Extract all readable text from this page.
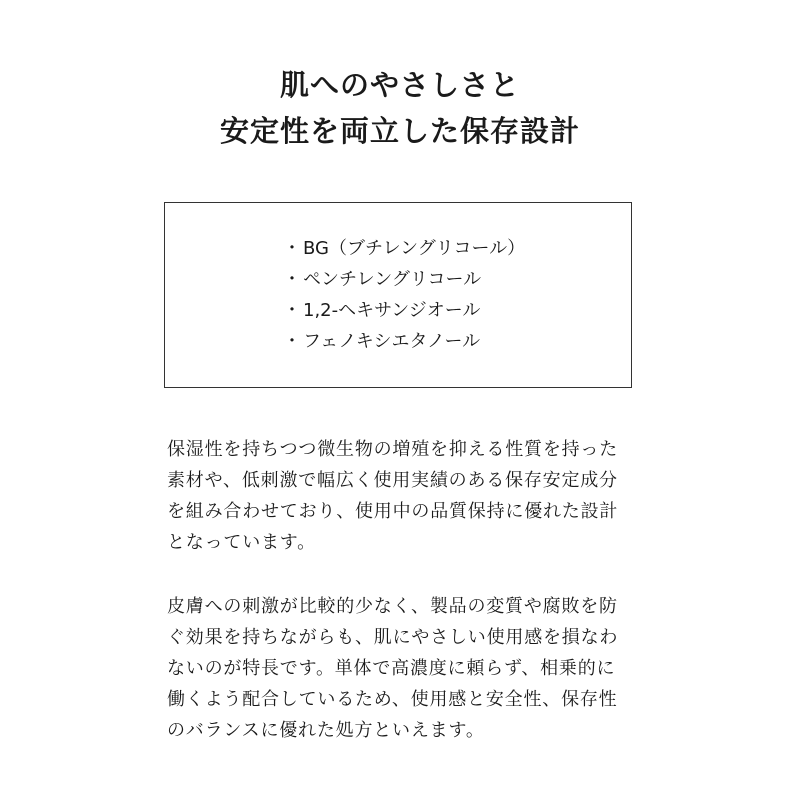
肌へのやさしさと
安定性を両立した保存設計
・ BG（ブチレングリコール）
・ ペンチレングリコール
・ 1,2-ヘキサンジオール
・ フェノキシエタノール
保湿性を持ちつつ微生物の増殖を抑える性質を持った
素材や、低刺激で幅広く使用実績のある保存安定成分
を組み合わせており、使用中の品質保持に優れた設計
となっています。
皮膚への刺激が比較的少なく、製品の変質や腐敗を防
ぐ効果を持ちながらも、肌にやさしい使用感を損なわ
ないのが特長です。単体で高濃度に頼らず、相乗的に
働くよう配合しているため、使用感と安全性、保存性
のバランスに優れた処方といえます。
